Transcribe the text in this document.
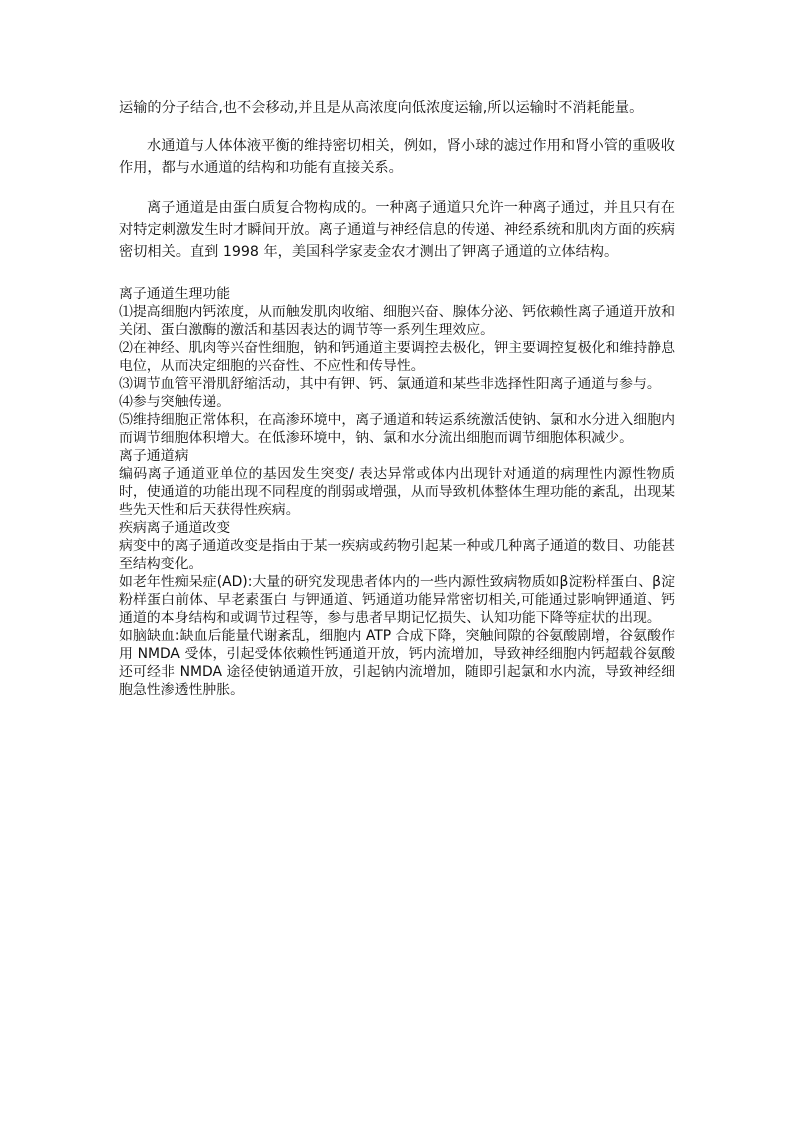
运输的分子结合,也不会移动,并且是从高浓度向低浓度运输,所以运输时不消耗能量。

水通道与人体体液平衡的维持密切相关，例如，肾小球的滤过作用和肾小管的重吸收作用，都与水通道的结构和功能有直接关系。

离子通道是由蛋白质复合物构成的。一种离子通道只允许一种离子通过，并且只有在对特定刺激发生时才瞬间开放。离子通道与神经信息的传递、神经系统和肌肉方面的疾病密切相关。直到 1998 年，美国科学家麦金农才测出了钾离子通道的立体结构。

离子通道生理功能
⑴提高细胞内钙浓度，从而触发肌肉收缩、细胞兴奋、腺体分泌、钙依赖性离子通道开放和关闭、蛋白激酶的激活和基因表达的调节等一系列生理效应。
⑵在神经、肌肉等兴奋性细胞，钠和钙通道主要调控去极化，钾主要调控复极化和维持静息电位，从而决定细胞的兴奋性、不应性和传导性。
⑶调节血管平滑肌舒缩活动，其中有钾、钙、氯通道和某些非选择性阳离子通道与参与。
⑷参与突触传递。
⑸维持细胞正常体积，在高渗环境中，离子通道和转运系统激活使钠、氯和水分进入细胞内而调节细胞体积增大。在低渗环境中，钠、氯和水分流出细胞而调节细胞体积减少。
离子通道病
编码离子通道亚单位的基因发生突变/ 表达异常或体内出现针对通道的病理性内源性物质时，使通道的功能出现不同程度的削弱或增强，从而导致机体整体生理功能的紊乱，出现某些先天性和后天获得性疾病。
疾病离子通道改变
病变中的离子通道改变是指由于某一疾病或药物引起某一种或几种离子通道的数目、功能甚至结构变化。
如老年性痴呆症(AD):大量的研究发现患者体内的一些内源性致病物质如β淀粉样蛋白、β淀粉样蛋白前体、早老素蛋白 与钾通道、钙通道功能异常密切相关,可能通过影响钾通道、钙通道的本身结构和或调节过程等，参与患者早期记忆损失、认知功能下降等症状的出现。
如脑缺血:缺血后能量代谢紊乱，细胞内 ATP 合成下降，突触间隙的谷氨酸剧增，谷氨酸作用 NMDA 受体，引起受体依赖性钙通道开放，钙内流增加，导致神经细胞内钙超载谷氨酸还可经非 NMDA 途径使钠通道开放，引起钠内流增加，随即引起氯和水内流，导致神经细胞急性渗透性肿胀。
